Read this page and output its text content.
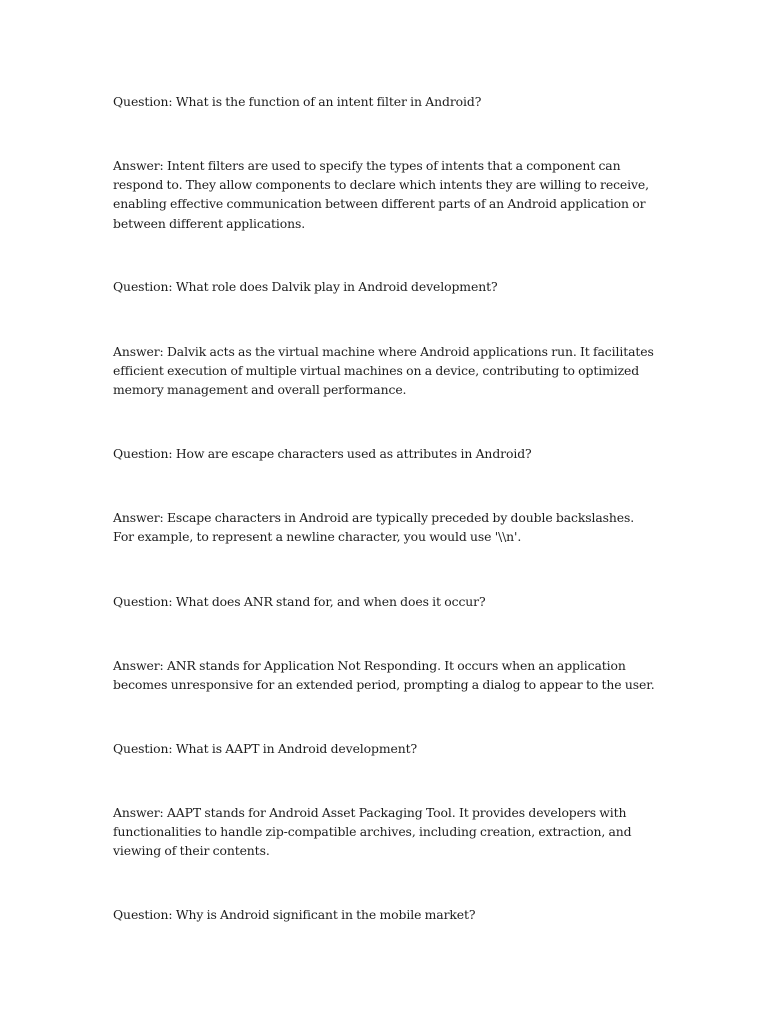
Question: What is the function of an intent filter in Android?

Answer: Intent filters are used to specify the types of intents that a component can respond to. They allow components to declare which intents they are willing to receive, enabling effective communication between different parts of an Android application or between different applications.

Question: What role does Dalvik play in Android development?

Answer: Dalvik acts as the virtual machine where Android applications run. It facilitates efficient execution of multiple virtual machines on a device, contributing to optimized memory management and overall performance.

Question: How are escape characters used as attributes in Android?

Answer: Escape characters in Android are typically preceded by double backslashes. For example, to represent a newline character, you would use '\\n'.

Question: What does ANR stand for, and when does it occur?

Answer: ANR stands for Application Not Responding. It occurs when an application becomes unresponsive for an extended period, prompting a dialog to appear to the user.

Question: What is AAPT in Android development?

Answer: AAPT stands for Android Asset Packaging Tool. It provides developers with functionalities to handle zip-compatible archives, including creation, extraction, and viewing of their contents.

Question: Why is Android significant in the mobile market?
